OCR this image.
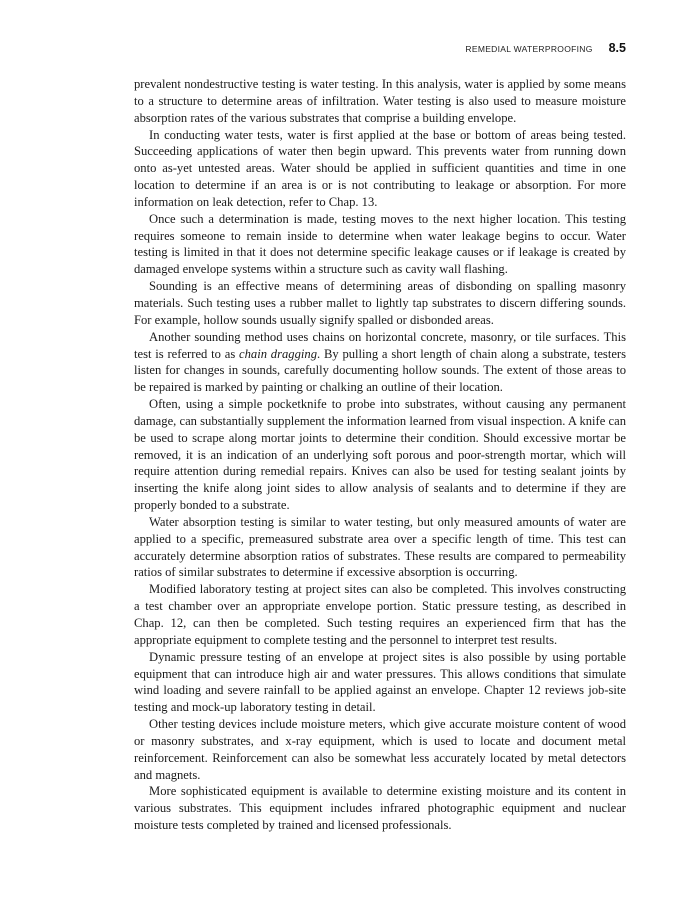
REMEDIAL WATERPROOFING 8.5

prevalent nondestructive testing is water testing. In this analysis, water is applied by some means to a structure to determine areas of infiltration. Water testing is also used to measure moisture absorption rates of the various substrates that comprise a building envelope.

In conducting water tests, water is first applied at the base or bottom of areas being tested. Succeeding applications of water then begin upward. This prevents water from running down onto as-yet untested areas. Water should be applied in sufficient quantities and time in one location to determine if an area is or is not contributing to leakage or absorption. For more information on leak detection, refer to Chap. 13.

Once such a determination is made, testing moves to the next higher location. This testing requires someone to remain inside to determine when water leakage begins to occur. Water testing is limited in that it does not determine specific leakage causes or if leakage is created by damaged envelope systems within a structure such as cavity wall flashing.

Sounding is an effective means of determining areas of disbonding on spalling masonry materials. Such testing uses a rubber mallet to lightly tap substrates to discern differing sounds. For example, hollow sounds usually signify spalled or disbonded areas.

Another sounding method uses chains on horizontal concrete, masonry, or tile surfaces. This test is referred to as chain dragging. By pulling a short length of chain along a substrate, testers listen for changes in sounds, carefully documenting hollow sounds. The extent of those areas to be repaired is marked by painting or chalking an outline of their location.

Often, using a simple pocketknife to probe into substrates, without causing any permanent damage, can substantially supplement the information learned from visual inspection. A knife can be used to scrape along mortar joints to determine their condition. Should excessive mortar be removed, it is an indication of an underlying soft porous and poor-strength mortar, which will require attention during remedial repairs. Knives can also be used for testing sealant joints by inserting the knife along joint sides to allow analysis of sealants and to determine if they are properly bonded to a substrate.

Water absorption testing is similar to water testing, but only measured amounts of water are applied to a specific, premeasured substrate area over a specific length of time. This test can accurately determine absorption ratios of substrates. These results are compared to permeability ratios of similar substrates to determine if excessive absorption is occurring.

Modified laboratory testing at project sites can also be completed. This involves constructing a test chamber over an appropriate envelope portion. Static pressure testing, as described in Chap. 12, can then be completed. Such testing requires an experienced firm that has the appropriate equipment to complete testing and the personnel to interpret test results.

Dynamic pressure testing of an envelope at project sites is also possible by using portable equipment that can introduce high air and water pressures. This allows conditions that simulate wind loading and severe rainfall to be applied against an envelope. Chapter 12 reviews job-site testing and mock-up laboratory testing in detail.

Other testing devices include moisture meters, which give accurate moisture content of wood or masonry substrates, and x-ray equipment, which is used to locate and document metal reinforcement. Reinforcement can also be somewhat less accurately located by metal detectors and magnets.

More sophisticated equipment is available to determine existing moisture and its content in various substrates. This equipment includes infrared photographic equipment and nuclear moisture tests completed by trained and licensed professionals.
